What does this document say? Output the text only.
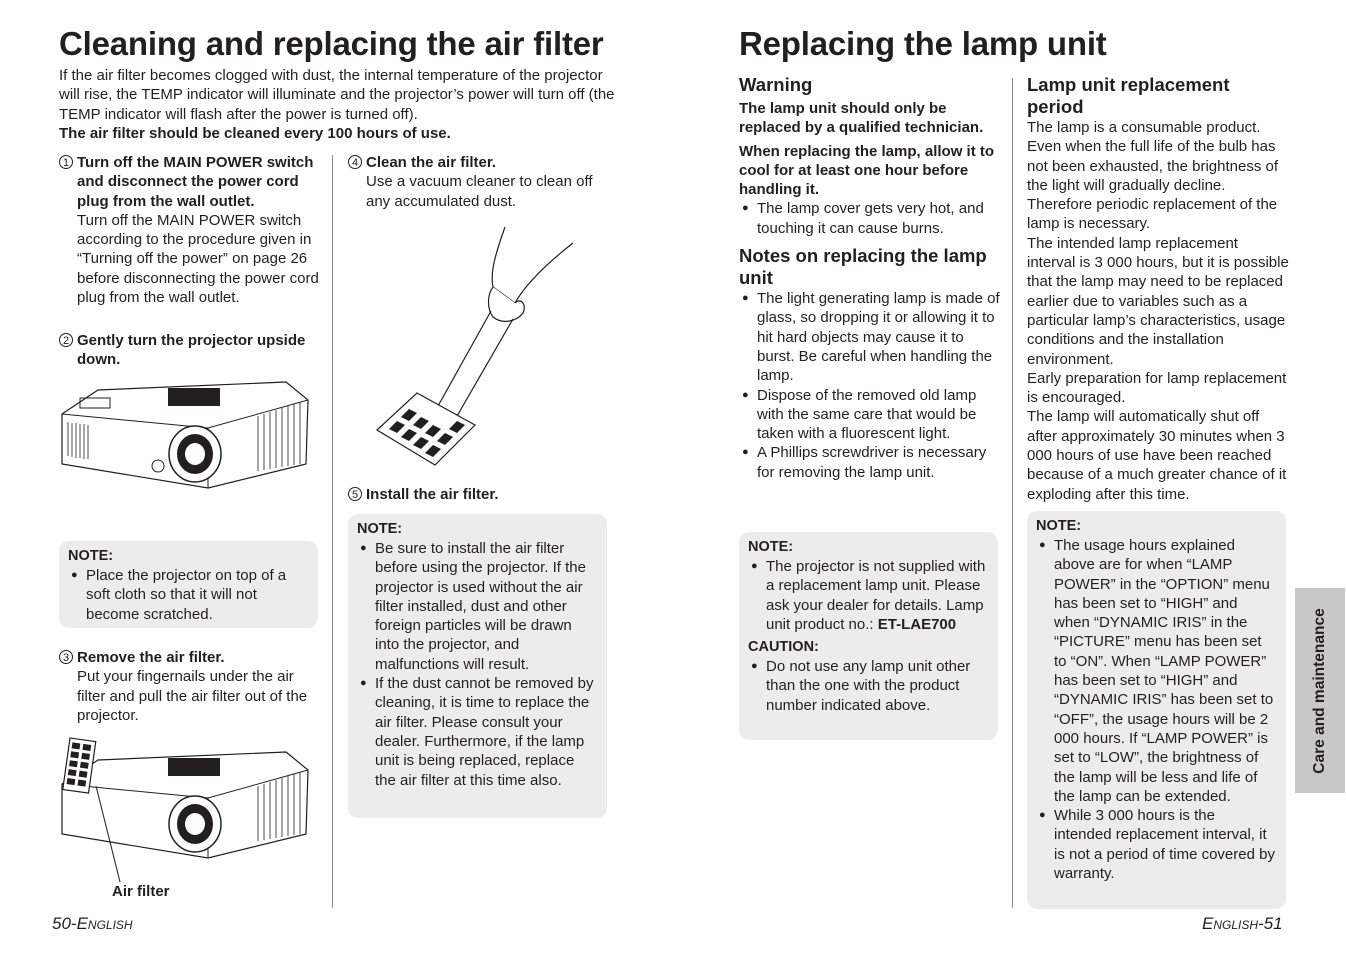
Cleaning and replacing the air filter

If the air filter becomes clogged with dust, the internal temperature of the projector will rise, the TEMP indicator will illuminate and the projector’s power will turn off (the TEMP indicator will flash after the power is turned off).

The air filter should be cleaned every 100 hours of use.

1 Turn off the MAIN POWER switch and disconnect the power cord plug from the wall outlet.

Turn off the MAIN POWER switch according to the procedure given in “Turning off the power” on page 26 before disconnecting the power cord plug from the wall outlet.

2 Gently turn the projector upside down.
NOTE:
● Place the projector on top of a soft cloth so that it will not become scratched.
3 Remove the air filter.

Put your fingernails under the air filter and pull the air filter out of the projector.

Air filter
4 Clean the air filter.

Use a vacuum cleaner to clean off any accumulated dust.

5 Install the air filter.
NOTE:
● Be sure to install the air filter before using the projector. If the projector is used without the air filter installed, dust and other foreign particles will be drawn into the projector, and malfunctions will result.
● If the dust cannot be removed by cleaning, it is time to replace the air filter. Please consult your dealer. Furthermore, if the lamp unit is being replaced, replace the air filter at this time also.
50-English
Replacing the lamp unit
Warning

The lamp unit should only be replaced by a qualified technician.

When replacing the lamp, allow it to cool for at least one hour before handling it.

● The lamp cover gets very hot, and touching it can cause burns.
Notes on replacing the lamp unit
● The light generating lamp is made of glass, so dropping it or allowing it to hit hard objects may cause it to burst. Be careful when handling the lamp.
● Dispose of the removed old lamp with the same care that would be taken with a fluorescent light.
● A Phillips screwdriver is necessary for removing the lamp unit.
NOTE:
● The projector is not supplied with a replacement lamp unit. Please ask your dealer for details. Lamp unit product no.: ET-LAE700
CAUTION:
● Do not use any lamp unit other than the one with the product number indicated above.
Lamp unit replacement period

The lamp is a consumable product. Even when the full life of the bulb has not been exhausted, the brightness of the light will gradually decline. Therefore periodic replacement of the lamp is necessary.

The intended lamp replacement interval is 3 000 hours, but it is possible that the lamp may need to be replaced earlier due to variables such as a particular lamp’s characteristics, usage conditions and the installation environment.

Early preparation for lamp replacement is encouraged.

The lamp will automatically shut off after approximately 30 minutes when 3 000 hours of use have been reached because of a much greater chance of it exploding after this time.

NOTE:
● The usage hours explained above are for when “LAMP POWER” in the “OPTION” menu has been set to “HIGH” and when “DYNAMIC IRIS” in the “PICTURE” menu has been set to “ON”. When “LAMP POWER” has been set to “HIGH” and “DYNAMIC IRIS” has been set to “OFF”, the usage hours will be 2 000 hours. If “LAMP POWER” is set to “LOW”, the brightness of the lamp will be less and life of the lamp can be extended.
● While 3 000 hours is the intended replacement interval, it is not a period of time covered by warranty.
Care and maintenance
English-51
